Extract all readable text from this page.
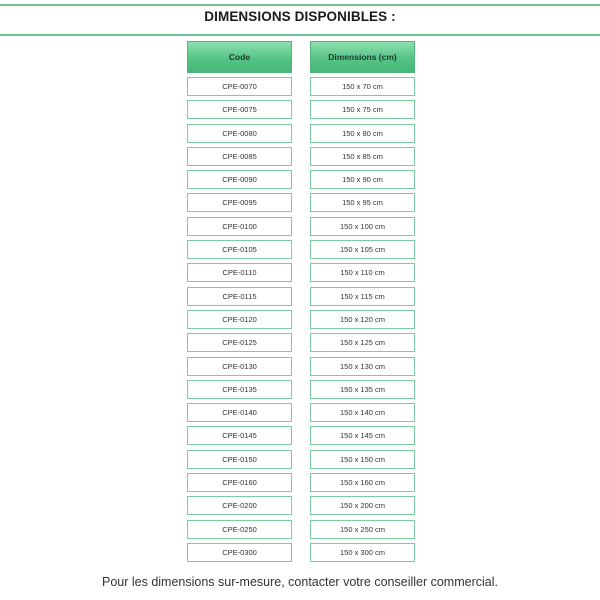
DIMENSIONS DISPONIBLES :
Code	Dimensions (cm)
CPE-0070	150 x 70 cm
CPE-0075	150 x 75 cm
CPE-0080	150 x 80 cm
CPE-0085	150 x 85 cm
CPE-0090	150 x 90 cm
CPE-0095	150 x 95 cm
CPE-0100	150 x 100 cm
CPE-0105	150 x 105 cm
CPE-0110	150 x 110 cm
CPE-0115	150 x 115 cm
CPE-0120	150 x 120 cm
CPE-0125	150 x 125 cm
CPE-0130	150 x 130 cm
CPE-0135	150 x 135 cm
CPE-0140	150 x 140 cm
CPE-0145	150 x 145 cm
CPE-0150	150 x 150 cm
CPE-0160	150 x 160 cm
CPE-0200	150 x 200 cm
CPE-0250	150 x 250 cm
CPE-0300	150 x 300 cm
Pour les dimensions sur-mesure, contacter votre conseiller commercial.
